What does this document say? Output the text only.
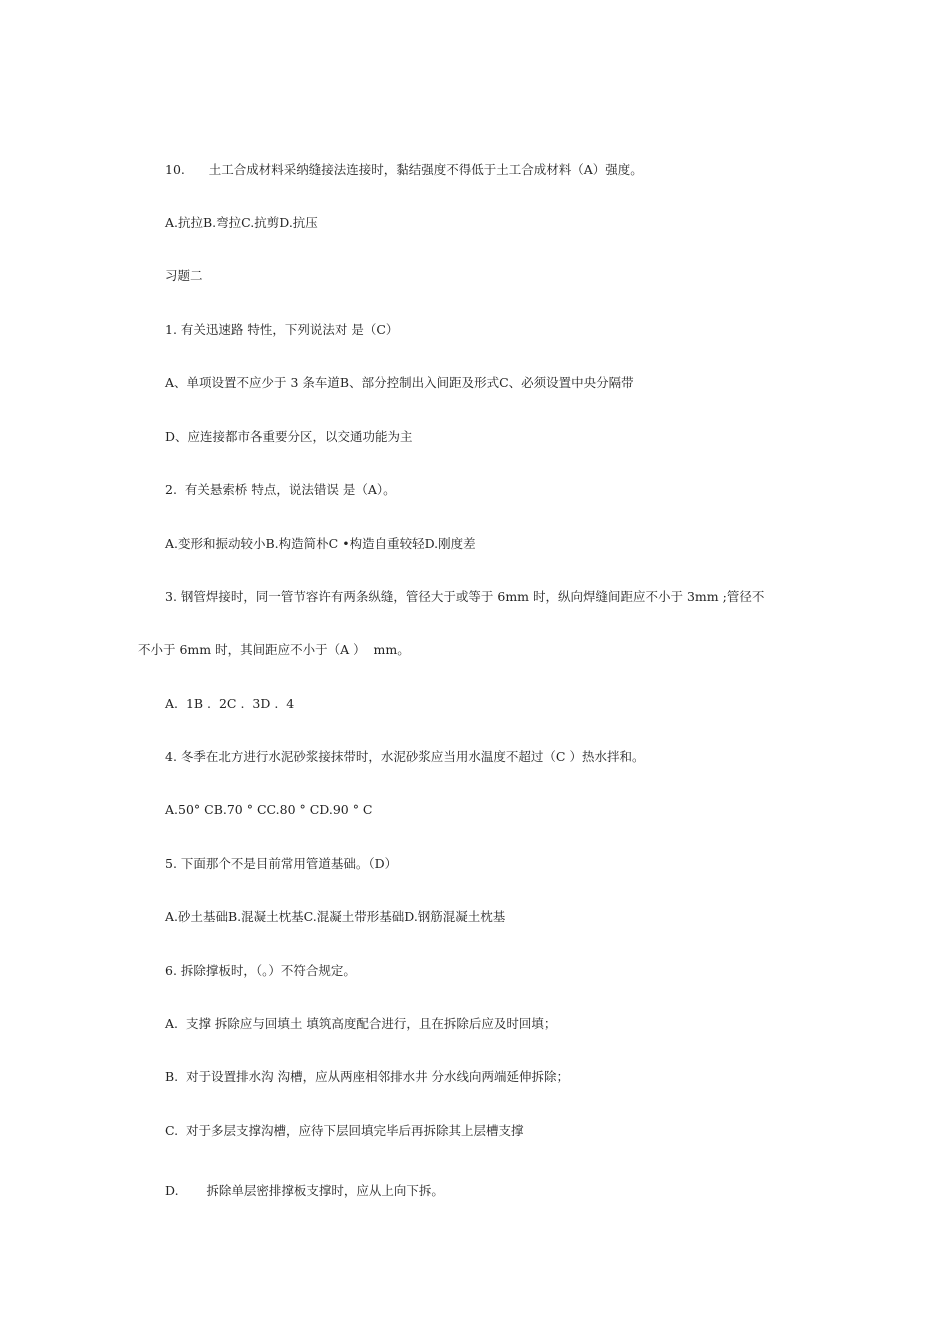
10.      土工合成材料采纳缝接法连接时，黏结强度不得低于土工合成材料（A）强度。
A.抗拉B.弯拉C.抗剪D.抗压
习题二
1. 有关迅速路 特性，下列说法对 是（C）
A、单项设置不应少于 3 条车道B、部分控制出入间距及形式C、必须设置中央分隔带
D、应连接都市各重要分区，以交通功能为主
2.  有关悬索桥 特点，说法错误 是（A）。
A.变形和振动较小B.构造简朴C •构造自重较轻D.刚度差
3. 钢管焊接时，同一管节容许有两条纵缝，管径大于或等于 6mm 时，纵向焊缝间距应不小于 3mm ;管径不
不小于 6mm 时，其间距应不小于（A ）  mm。
A.  1B .  2C .  3D .  4
4. 冬季在北方进行水泥砂浆接抹带时，水泥砂浆应当用水温度不超过（C ）热水拌和。
A.50° CB.70 ° CC.80 ° CD.90 ° C
5. 下面那个不是目前常用管道基础。（D）
A.砂土基础B.混凝土枕基C.混凝土带形基础D.钢筋混凝土枕基
6. 拆除撑板时，（。）不符合规定。
A.  支撑 拆除应与回填土 填筑高度配合进行，且在拆除后应及时回填；
B.  对于设置排水沟 沟槽，应从两座相邻排水井 分水线向两端延伸拆除；
C.  对于多层支撑沟槽，应待下层回填完毕后再拆除其上层槽支撑
D.       拆除单层密排撑板支撑时，应从上向下拆。
